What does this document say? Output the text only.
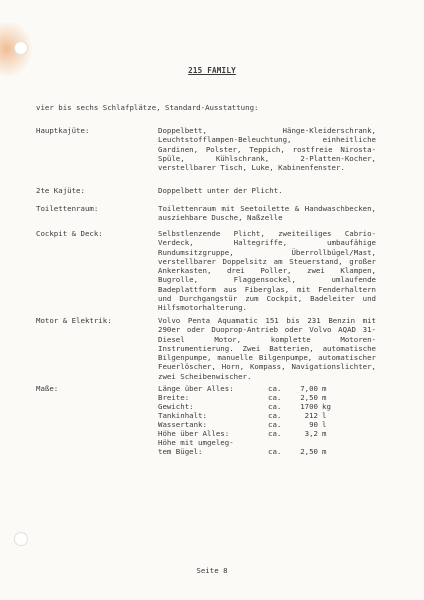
215 FAMILY
vier bis sechs Schlafplätze, Standard-Ausstattung:
Hauptkajüte:	Doppelbett, Hänge-Kleiderschrank, Leuchtstofflampen-Beleuchtung, einheitliche Gardinen, Polster, Teppich, rostfreie Nirosta-Spüle, Kühlschrank, 2-Platten-Kocher, verstellbarer Tisch, Luke, Kabinenfenster.
2te Kajüte:	Doppelbett unter der Plicht.
Toilettenraum:	Toilettenraum mit Seetoilette & Handwaschbecken, ausziehbare Dusche, Naßzelle
Cockpit & Deck:	Selbstlenzende Plicht, zweiteiliges Cabrio-Verdeck, Haltegriffe, umbaufähige Rundumsitzgruppe, Überrollbügel/Mast, verstellbarer Doppelsitz am Steuerstand, großer Ankerkasten, drei Poller, zwei Klampen, Bugrolle, Flaggensockel, umlaufende Badeplattform aus Fiberglas, mit Fenderhaltern und Durchgangstür zum Cockpit, Badeleiter und Hilfsmotorhalterung.
Motor & Elektrik:	Volvo Penta Aquamatic 151 bis 231 Benzin mit 290er oder Duoprop-Antrieb oder Volvo AQAD 31-Diesel Motor, komplette Motoren-Instrumentierung. Zwei Batterien, automatische Bilgenpumpe, manuelle Bilgenpumpe, automatischer Feuerlöscher, Horn, Kompass, Navigationslichter, zwei Scheibenwischer.
Maße:	Länge über Alles:	ca.	7,00 m
Breite:	ca.	2,50 m
Gewicht:	ca.	1700 kg
Tankinhalt:	ca.	212 l
Wassertank:	ca.	90 l
Höhe über Alles:	ca.	3,2 m
Höhe mit umgeleg-
tem Bügel:	ca.	2,50 m
Seite 8
